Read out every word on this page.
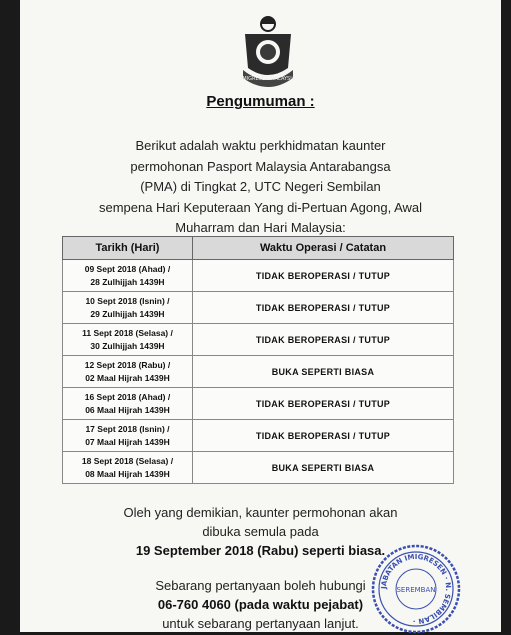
IMIGRESEN MALAYSIA
Pengumuman :
Berikut adalah waktu perkhidmatan kaunter
permohonan Pasport Malaysia Antarabangsa
(PMA) di Tingkat 2, UTC Negeri Sembilan
sempena Hari Keputeraan Yang di-Pertuan Agong, Awal
Muharram dan Hari Malaysia:
Tarikh (Hari)	Waktu Operasi / Catatan

09 Sept 2018 (Ahad) /
28 Zulhijjah 1439H	TIDAK BEROPERASI / TUTUP

10 Sept 2018 (Isnin) /
29 Zulhijjah 1439H	TIDAK BEROPERASI / TUTUP

11 Sept 2018 (Selasa) /
30 Zulhijjah 1439H	TIDAK BEROPERASI / TUTUP

12 Sept 2018 (Rabu) /
02 Maal Hijrah 1439H	BUKA SEPERTI BIASA

16 Sept 2018 (Ahad) /
06 Maal Hijrah 1439H	TIDAK BEROPERASI / TUTUP

17 Sept 2018 (Isnin) /
07 Maal Hijrah 1439H	TIDAK BEROPERASI / TUTUP

18 Sept 2018 (Selasa) /
08 Maal Hijrah 1439H	BUKA SEPERTI BIASA
Oleh yang demikian, kaunter permohonan akan
dibuka semula pada
19 September 2018 (Rabu) seperti biasa.
Sebarang pertanyaan boleh hubungi
06-760 4060 (pada waktu pejabat)
untuk sebarang pertanyaan lanjut.
JABATAN IMIGRESEN · N. SEMBILAN ·
SEREMBAN
